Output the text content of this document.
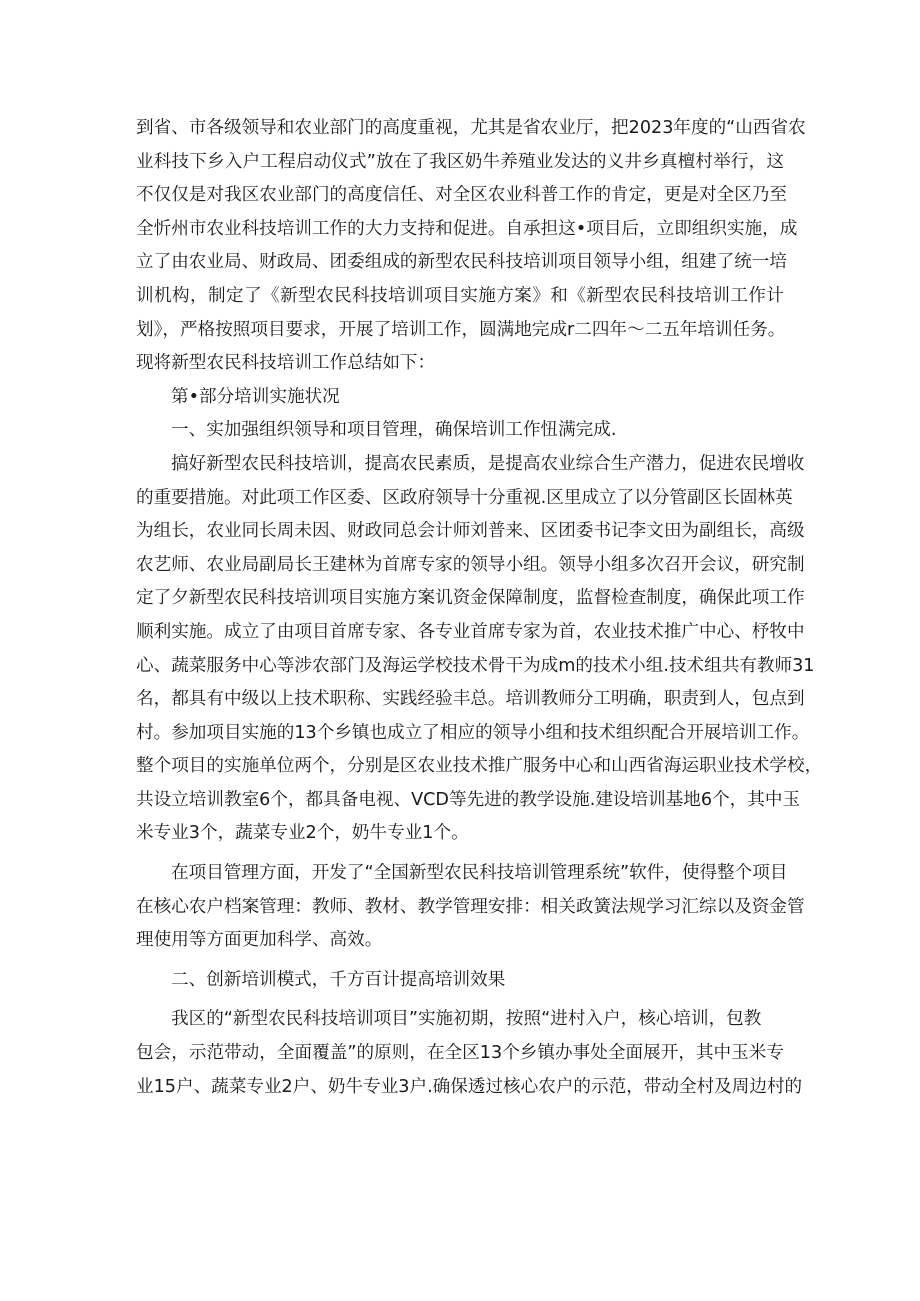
到省、市各级领导和农业部门的高度重视，尤其是省农业厅，把2023年度的“山西省农
业科技下乡入户工程启动仪式”放在了我区奶牛养殖业发达的义井乡真檀村举行，这
不仅仅是对我区农业部门的高度信任、对全区农业科普工作的肯定，更是对全区乃至
全忻州市农业科技培训工作的大力支持和促进。自承担这•项目后，立即组织实施，成
立了由农业局、财政局、团委组成的新型农民科技培训项目领导小组，组建了统一培
训机构，制定了《新型农民科技培训项目实施方案》和《新型农民科技培训工作计
划》，严格按照项目要求，开展了培训工作，圆满地完成r二四年〜二五年培训任务。
现将新型农民科技培训工作总结如下：
第•部分培训实施状况
一、实加强组织领导和项目管理，确保培训工作忸满完成.
搞好新型农民科技培训，提高农民素质，是提高农业综合生产潜力，促进农民增收
的重要措施。对此项工作区委、区政府领导十分重视.区里成立了以分管副区长固林英
为组长，农业同长周未因、财政同总会计师刘普来、区团委书记李文田为副组长，高级
农艺师、农业局副局长王建林为首席专家的领导小组。领导小组多次召开会议，研究制
定了夕新型农民科技培训项目实施方案讥资金保障制度，监督检查制度，确保此项工作
顺利实施。成立了由项目首席专家、各专业首席专家为首，农业技术推广中心、杼牧中
心、蔬菜服务中心等涉农部门及海运学校技术骨干为成m的技术小组.技术组共有教师31
名，都具有中级以上技术职称、实践经验丰总。培训教师分工明确，职责到人，包点到
村。参加项目实施的13个乡镇也成立了相应的领导小组和技术组织配合开展培训工作。
整个项目的实施单位两个，分别是区农业技术推广服务中心和山西省海运职业技术学校，
共设立培训教室6个，都具备电视、VCD等先进的教学设施.建设培训基地6个，其中玉
米专业3个，蔬菜专业2个，奶牛专业1个。
在项目管理方面，开发了“全国新型农民科技培训管理系统”软件，使得整个项目
在核心农户档案管理：教师、教材、教学管理安排：相关政簧法规学习汇综以及资金管
理使用等方面更加科学、高效。
二、创新培训模式，千方百计提高培训效果
我区的“新型农民科技培训项目”实施初期，按照“进村入户，核心培训，包教
包会，示范带动，全面覆盖”的原则，在全区13个乡镇办事处全面展开，其中玉米专
业15户、蔬菜专业2户、奶牛专业3户.确保透过核心农户的示范，带动全村及周边村的
